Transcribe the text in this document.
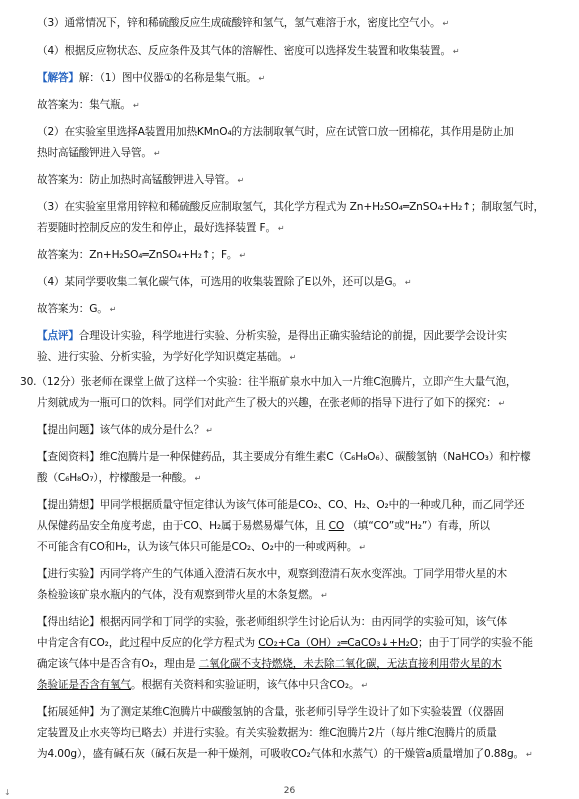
（3）通常情况下，锌和稀硫酸反应生成硫酸锌和氢气，氢气难溶于水，密度比空气小。 ↵
（4）根据反应物状态、反应条件及其气体的溶解性、密度可以选择发生装置和收集装置。 ↵
【解答】解：（1）图中仪器①的名称是集气瓶。 ↵
故答案为：集气瓶。 ↵
（2）在实验室里选择A装置用加热KMnO₄的方法制取氧气时，应在试管口放一团棉花，其作用是防止加
热时高锰酸钾进入导管。 ↵
故答案为：防止加热时高锰酸钾进入导管。 ↵
（3）在实验室里常用锌粒和稀硫酸反应制取氢气，其化学方程式为 Zn+H₂SO₄═ZnSO₄+H₂↑；制取氢气时，
若要随时控制反应的发生和停止，最好选择装置 F。 ↵
故答案为：Zn+H₂SO₄═ZnSO₄+H₂↑；F。 ↵
（4）某同学要收集二氧化碳气体，可选用的收集装置除了E以外，还可以是G。 ↵
故答案为：G。 ↵
【点评】合理设计实验，科学地进行实验、分析实验，是得出正确实验结论的前提，因此要学会设计实
验、进行实验、分析实验，为学好化学知识奠定基础。 ↵
30.（12分）张老师在课堂上做了这样一个实验：往半瓶矿泉水中加入一片维C泡腾片，立即产生大量气泡，
片刻就成为一瓶可口的饮料。同学们对此产生了极大的兴趣，在张老师的指导下进行了如下的探究： ↵
【提出问题】该气体的成分是什么？ ↵
【查阅资料】维C泡腾片是一种保健药品，其主要成分有维生素C（C₆H₈O₆）、碳酸氢钠（NaHCO₃）和柠檬
酸（C₆H₈O₇），柠檬酸是一种酸。 ↵
【提出猜想】甲同学根据质量守恒定律认为该气体可能是CO₂、CO、H₂、O₂中的一种或几种，而乙同学还
从保健药品安全角度考虑，由于CO、H₂属于易燃易爆气体，且 CO （填“CO”或“H₂”）有毒，所以
不可能含有CO和H₂，认为该气体只可能是CO₂、O₂中的一种或两种。 ↵
【进行实验】丙同学将产生的气体通入澄清石灰水中，观察到澄清石灰水变浑浊。丁同学用带火星的木
条检验该矿泉水瓶内的气体，没有观察到带火星的木条复燃。 ↵
【得出结论】根据丙同学和丁同学的实验，张老师组织学生讨论后认为：由丙同学的实验可知，该气体
中肯定含有CO₂，此过程中反应的化学方程式为 CO₂+Ca（OH）₂═CaCO₃↓+H₂O；由于丁同学的实验不能
确定该气体中是否含有O₂，理由是 二氧化碳不支持燃烧，未去除二氧化碳，无法直接利用带火星的木
条验证是否含有氧气。根据有关资料和实验证明，该气体中只含CO₂。 ↵
【拓展延伸】为了测定某维C泡腾片中碳酸氢钠的含量，张老师引导学生设计了如下实验装置（仪器固
定装置及止水夹等均已略去）并进行实验。有关实验数据为：维C泡腾片2片（每片维C泡腾片的质量
为4.00g），盛有碱石灰（碱石灰是一种干燥剂，可吸收CO₂气体和水蒸气）的干燥管a质量增加了0.88g。 ↵
↓	26
